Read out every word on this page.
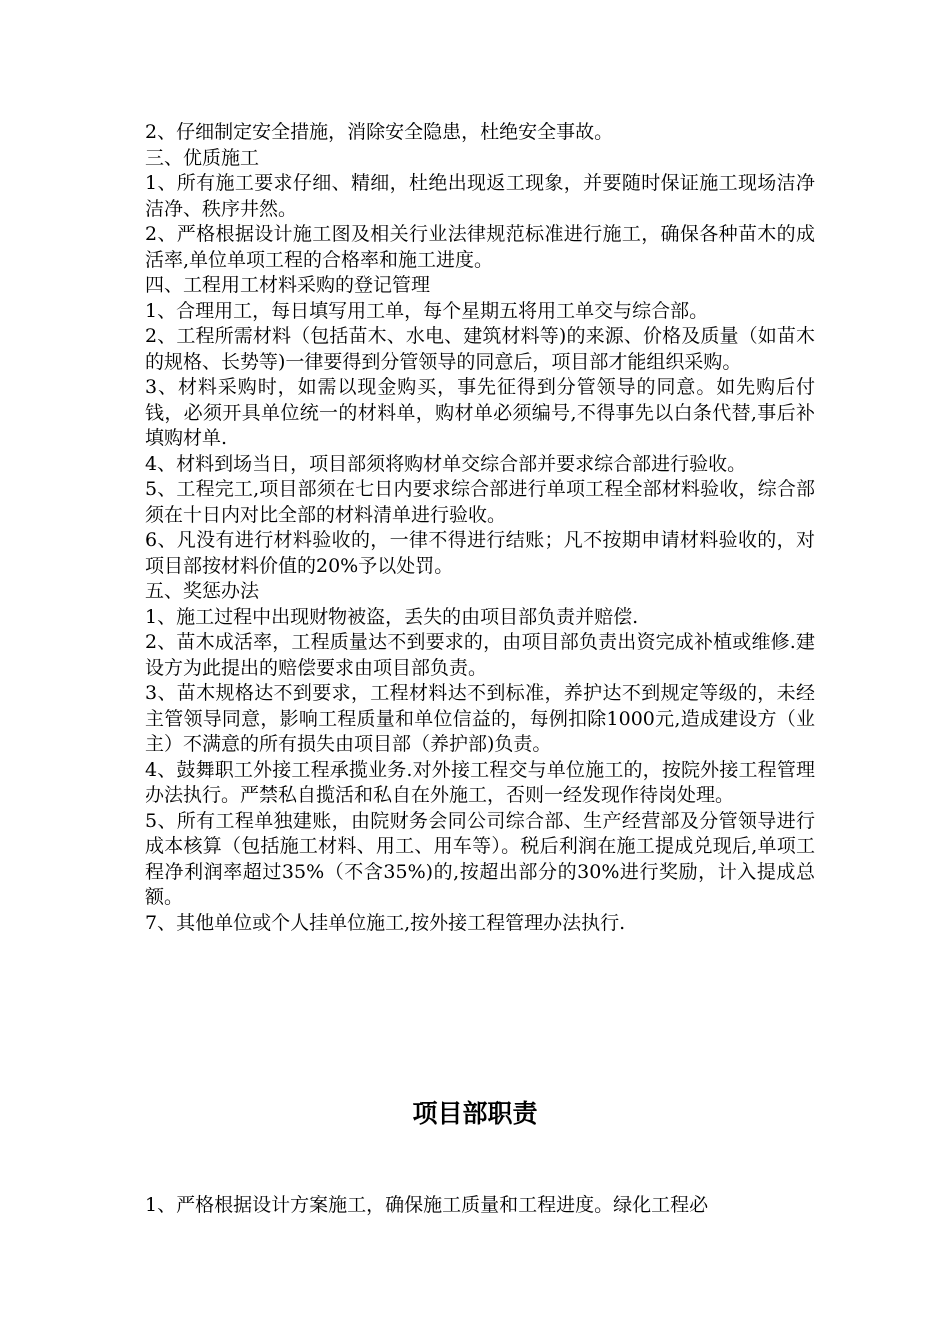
2、仔细制定安全措施，消除安全隐患，杜绝安全事故。

三、优质施工

1、所有施工要求仔细、精细，杜绝出现返工现象，并要随时保证施工现场洁净洁净、秩序井然。

2、严格根据设计施工图及相关行业法律规范标准进行施工，确保各种苗木的成活率,单位单项工程的合格率和施工进度。

四、工程用工材料采购的登记管理

1、合理用工，每日填写用工单，每个星期五将用工单交与综合部。

2、工程所需材料（包括苗木、水电、建筑材料等)的来源、价格及质量（如苗木的规格、长势等)一律要得到分管领导的同意后，项目部才能组织采购。

3、材料采购时，如需以现金购买，事先征得到分管领导的同意。如先购后付钱，必须开具单位统一的材料单，购材单必须编号,不得事先以白条代替,事后补填购材单.

4、材料到场当日，项目部须将购材单交综合部并要求综合部进行验收。

5、工程完工,项目部须在七日内要求综合部进行单项工程全部材料验收，综合部须在十日内对比全部的材料清单进行验收。

6、凡没有进行材料验收的，一律不得进行结账；凡不按期申请材料验收的，对项目部按材料价值的20%予以处罚。

五、奖惩办法

1、施工过程中出现财物被盗，丢失的由项目部负责并赔偿.

2、苗木成活率，工程质量达不到要求的，由项目部负责出资完成补植或维修.建设方为此提出的赔偿要求由项目部负责。

3、苗木规格达不到要求，工程材料达不到标准，养护达不到规定等级的，未经主管领导同意，影响工程质量和单位信益的，每例扣除1000元,造成建设方（业主）不满意的所有损失由项目部（养护部)负责。

4、鼓舞职工外接工程承揽业务.对外接工程交与单位施工的，按院外接工程管理办法执行。严禁私自揽活和私自在外施工，否则一经发现作待岗处理。

5、所有工程单独建账，由院财务会同公司综合部、生产经营部及分管领导进行成本核算（包括施工材料、用工、用车等）。税后利润在施工提成兑现后,单项工程净利润率超过35%（不含35%)的,按超出部分的30%进行奖励，计入提成总额。

7、其他单位或个人挂单位施工,按外接工程管理办法执行.

项目部职责

1、严格根据设计方案施工，确保施工质量和工程进度。绿化工程必
